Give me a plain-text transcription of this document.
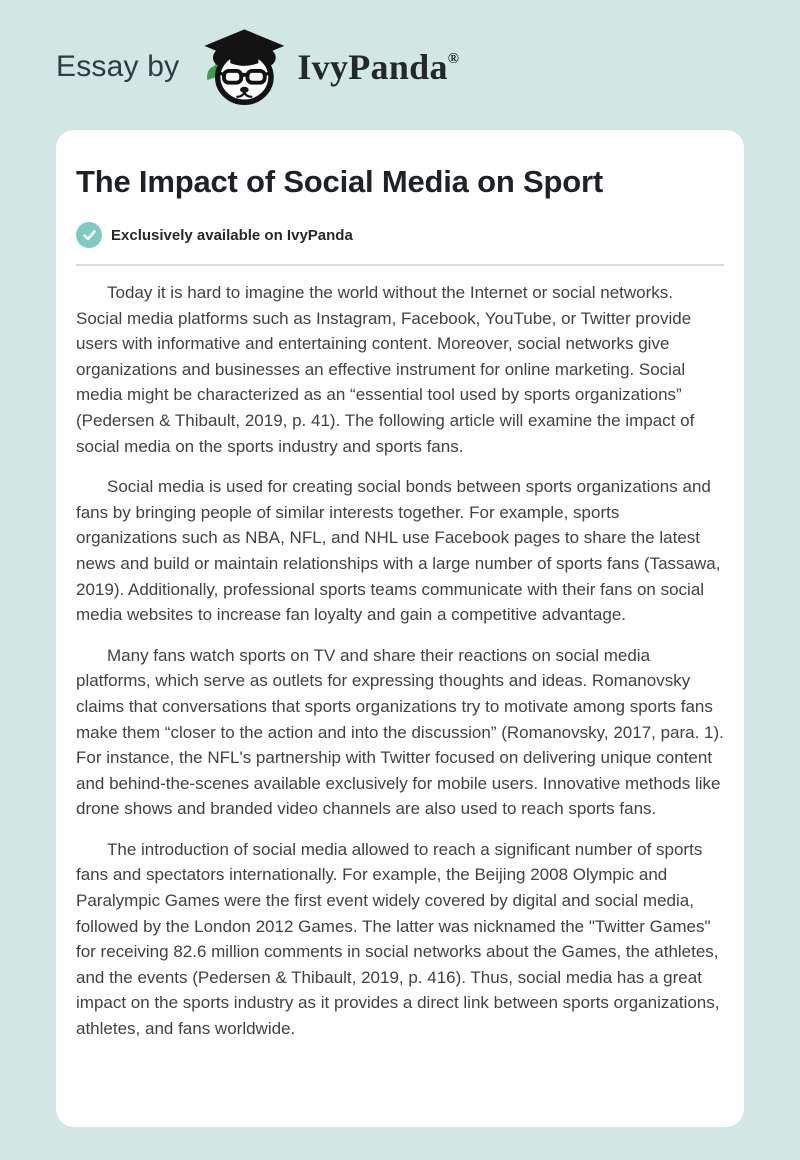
Essay by	IvyPanda®
The Impact of Social Media on Sport
Exclusively available on IvyPanda

Today it is hard to imagine the world without the Internet or social networks. Social media platforms such as Instagram, Facebook, YouTube, or Twitter provide users with informative and entertaining content. Moreover, social networks give organizations and businesses an effective instrument for online marketing. Social media might be characterized as an “essential tool used by sports organizations” (Pedersen & Thibault, 2019, p. 41). The following article will examine the impact of social media on the sports industry and sports fans.

Social media is used for creating social bonds between sports organizations and fans by bringing people of similar interests together. For example, sports organizations such as NBA, NFL, and NHL use Facebook pages to share the latest news and build or maintain relationships with a large number of sports fans (Tassawa, 2019). Additionally, professional sports teams communicate with their fans on social media websites to increase fan loyalty and gain a competitive advantage.

Many fans watch sports on TV and share their reactions on social media platforms, which serve as outlets for expressing thoughts and ideas. Romanovsky claims that conversations that sports organizations try to motivate among sports fans make them “closer to the action and into the discussion” (Romanovsky, 2017, para. 1). For instance, the NFL's partnership with Twitter focused on delivering unique content and behind-the-scenes available exclusively for mobile users. Innovative methods like drone shows and branded video channels are also used to reach sports fans.

The introduction of social media allowed to reach a significant number of sports fans and spectators internationally. For example, the Beijing 2008 Olympic and Paralympic Games were the first event widely covered by digital and social media, followed by the London 2012 Games. The latter was nicknamed the "Twitter Games" for receiving 82.6 million comments in social networks about the Games, the athletes, and the events (Pedersen & Thibault, 2019, p. 416). Thus, social media has a great impact on the sports industry as it provides a direct link between sports organizations, athletes, and fans worldwide.
